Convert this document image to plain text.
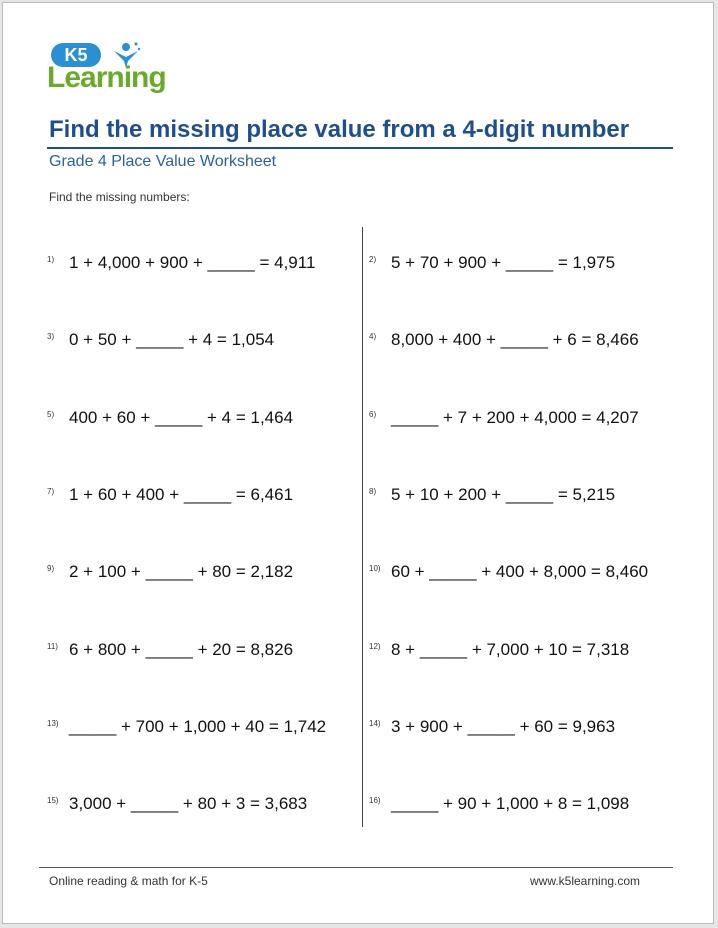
K5
Learning
Find the missing place value from a 4-digit number
Grade 4 Place Value Worksheet
Find the missing numbers:
1) 1 + 4,000 + 900 + _____ = 4,911	2) 5 + 70 + 900 + _____ = 1,975
3) 0 + 50 + _____ + 4 = 1,054	4) 8,000 + 400 + _____ + 6 = 8,466
5) 400 + 60 + _____ + 4 = 1,464	6) _____ + 7 + 200 + 4,000 = 4,207
7) 1 + 60 + 400 + _____ = 6,461	8) 5 + 10 + 200 + _____ = 5,215
9) 2 + 100 + _____ + 80 = 2,182	10) 60 + _____ + 400 + 8,000 = 8,460
11) 6 + 800 + _____ + 20 = 8,826	12) 8 + _____ + 7,000 + 10 = 7,318
13) _____ + 700 + 1,000 + 40 = 1,742	14) 3 + 900 + _____ + 60 = 9,963
15) 3,000 + _____ + 80 + 3 = 3,683	16) _____ + 90 + 1,000 + 8 = 1,098
Online reading & math for K-5	www.k5learning.com
